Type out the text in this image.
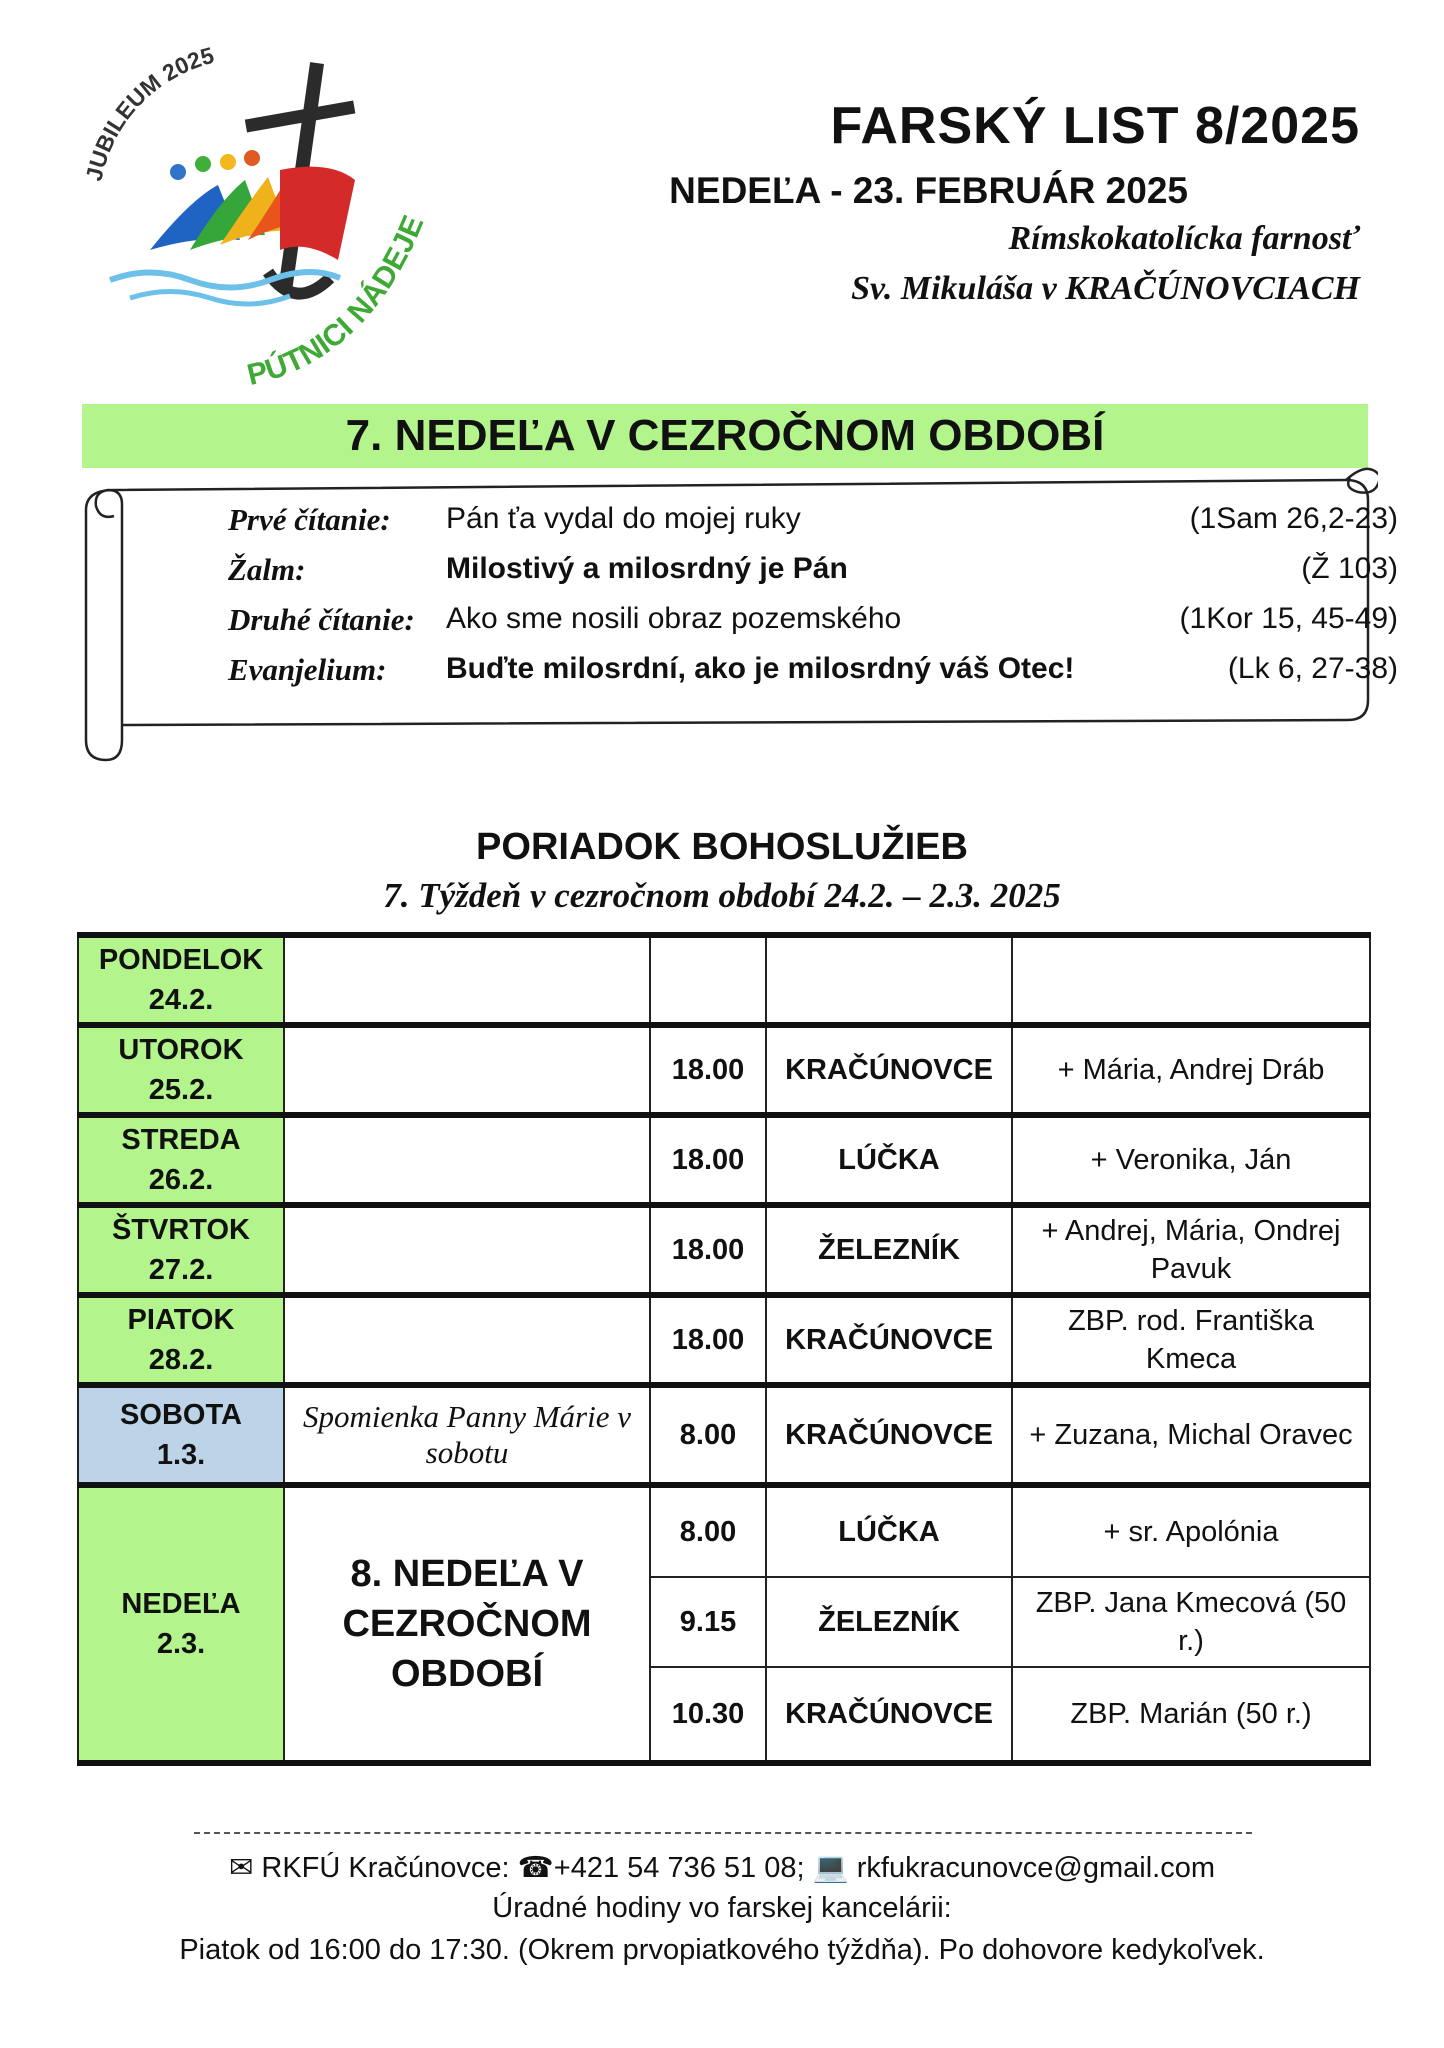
JUBILEUM 2025
PÚTNICI NÁDEJE
FARSKÝ LIST 8/2025
NEDEĽA - 23. FEBRUÁR 2025
Rímskokatolícka farnosť
Sv. Mikuláša v KRAČÚNOVCIACH
7. NEDEĽA V CEZROČNOM OBDOBÍ
Prvé čítanie: Pán ťa vydal do mojej ruky	(1Sam 26,2-23)
Žalm:	Milostivý a milosrdný je Pán	(Ž 103)
Druhé čítanie: Ako sme nosili obraz pozemského	(1Kor 15, 45-49)
Evanjelium: Buďte milosrdní, ako je milosrdný váš Otec!	(Lk 6, 27-38)
PORIADOK BOHOSLUŽIEB
7. Týždeň v cezročnom období 24.2. – 2.3. 2025
PONDELOK
24.2.				
UTOROK
25.2.		18.00	KRAČÚNOVCE	+ Mária, Andrej Dráb
STREDA
26.2.		18.00	LÚČKA	+ Veronika, Ján
ŠTVRTOK
27.2.		18.00	ŽELEZNÍK	+ Andrej, Mária, Ondrej Pavuk
PIATOK
28.2.		18.00	KRAČÚNOVCE	ZBP. rod. Františka Kmeca
SOBOTA
1.3.	Spomienka Panny Márie v sobotu	8.00	KRAČÚNOVCE	+ Zuzana, Michal Oravec
NEDEĽA
2.3.	8. NEDEĽA V CEZROČNOM OBDOBÍ	8.00	LÚČKA	+ sr. Apolónia
		9.15	ŽELEZNÍK	ZBP. Jana Kmecová (50 r.)
		10.30	KRAČÚNOVCE	ZBP. Marián (50 r.)
✉ RKFÚ Kračúnovce: ☎+421 54 736 51 08; 💻 rkfukracunovce@gmail.com
Úradné hodiny vo farskej kancelárii:
Piatok od 16:00 do 17:30. (Okrem prvopiatkového týždňa). Po dohovore kedykoľvek.
